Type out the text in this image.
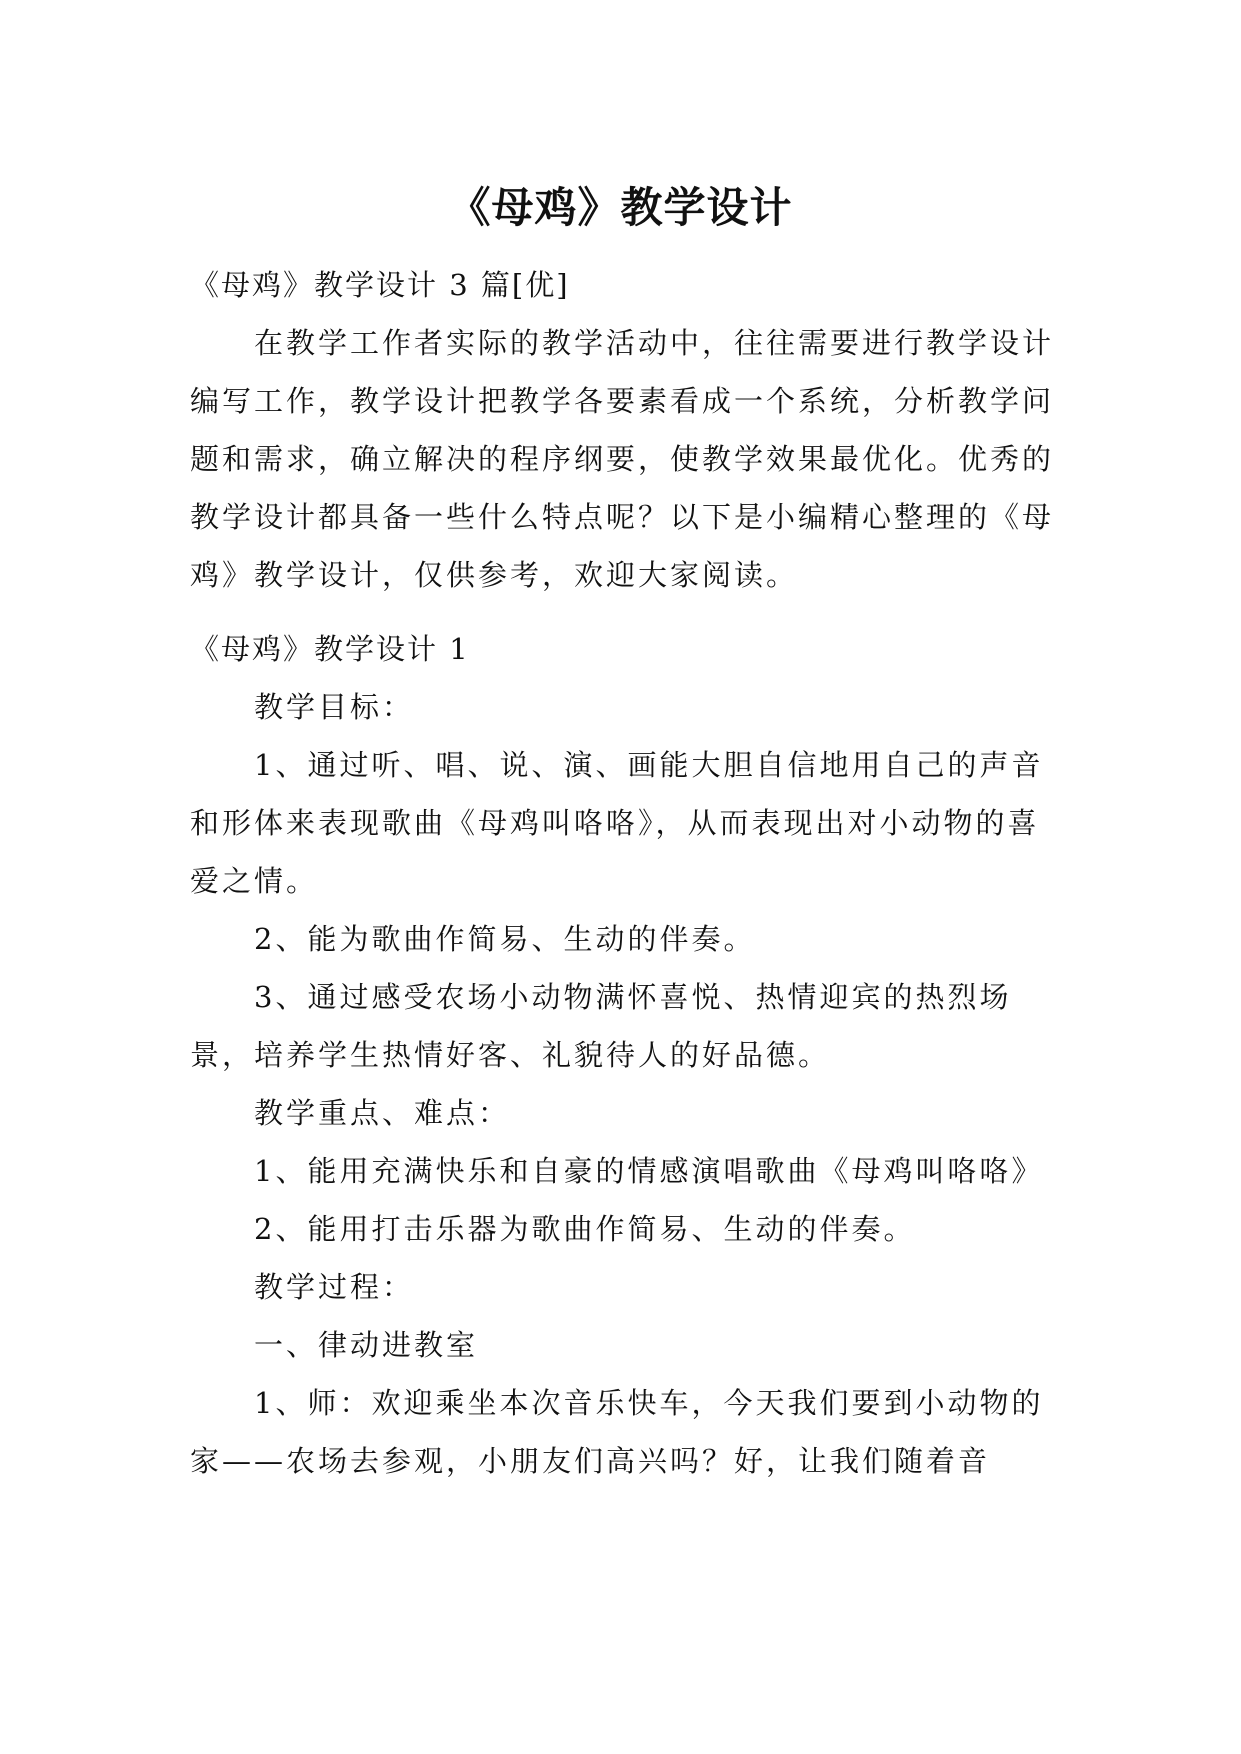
《母鸡》教学设计

《母鸡》教学设计 3 篇[优]

在教学工作者实际的教学活动中，往往需要进行教学设计编写工作，教学设计把教学各要素看成一个系统，分析教学问题和需求，确立解决的程序纲要，使教学效果最优化。优秀的教学设计都具备一些什么特点呢？以下是小编精心整理的《母鸡》教学设计，仅供参考，欢迎大家阅读。

《母鸡》教学设计 1

教学目标：

1、通过听、唱、说、演、画能大胆自信地用自己的声音和形体来表现歌曲《母鸡叫咯咯》，从而表现出对小动物的喜爱之情。

2、能为歌曲作简易、生动的伴奏。

3、通过感受农场小动物满怀喜悦、热情迎宾的热烈场景，培养学生热情好客、礼貌待人的好品德。

教学重点、难点：

1、能用充满快乐和自豪的情感演唱歌曲《母鸡叫咯咯》

2、能用打击乐器为歌曲作简易、生动的伴奏。

教学过程：

一、律动进教室

1、师：欢迎乘坐本次音乐快车，今天我们要到小动物的家——农场去参观，小朋友们高兴吗？好，让我们随着音
